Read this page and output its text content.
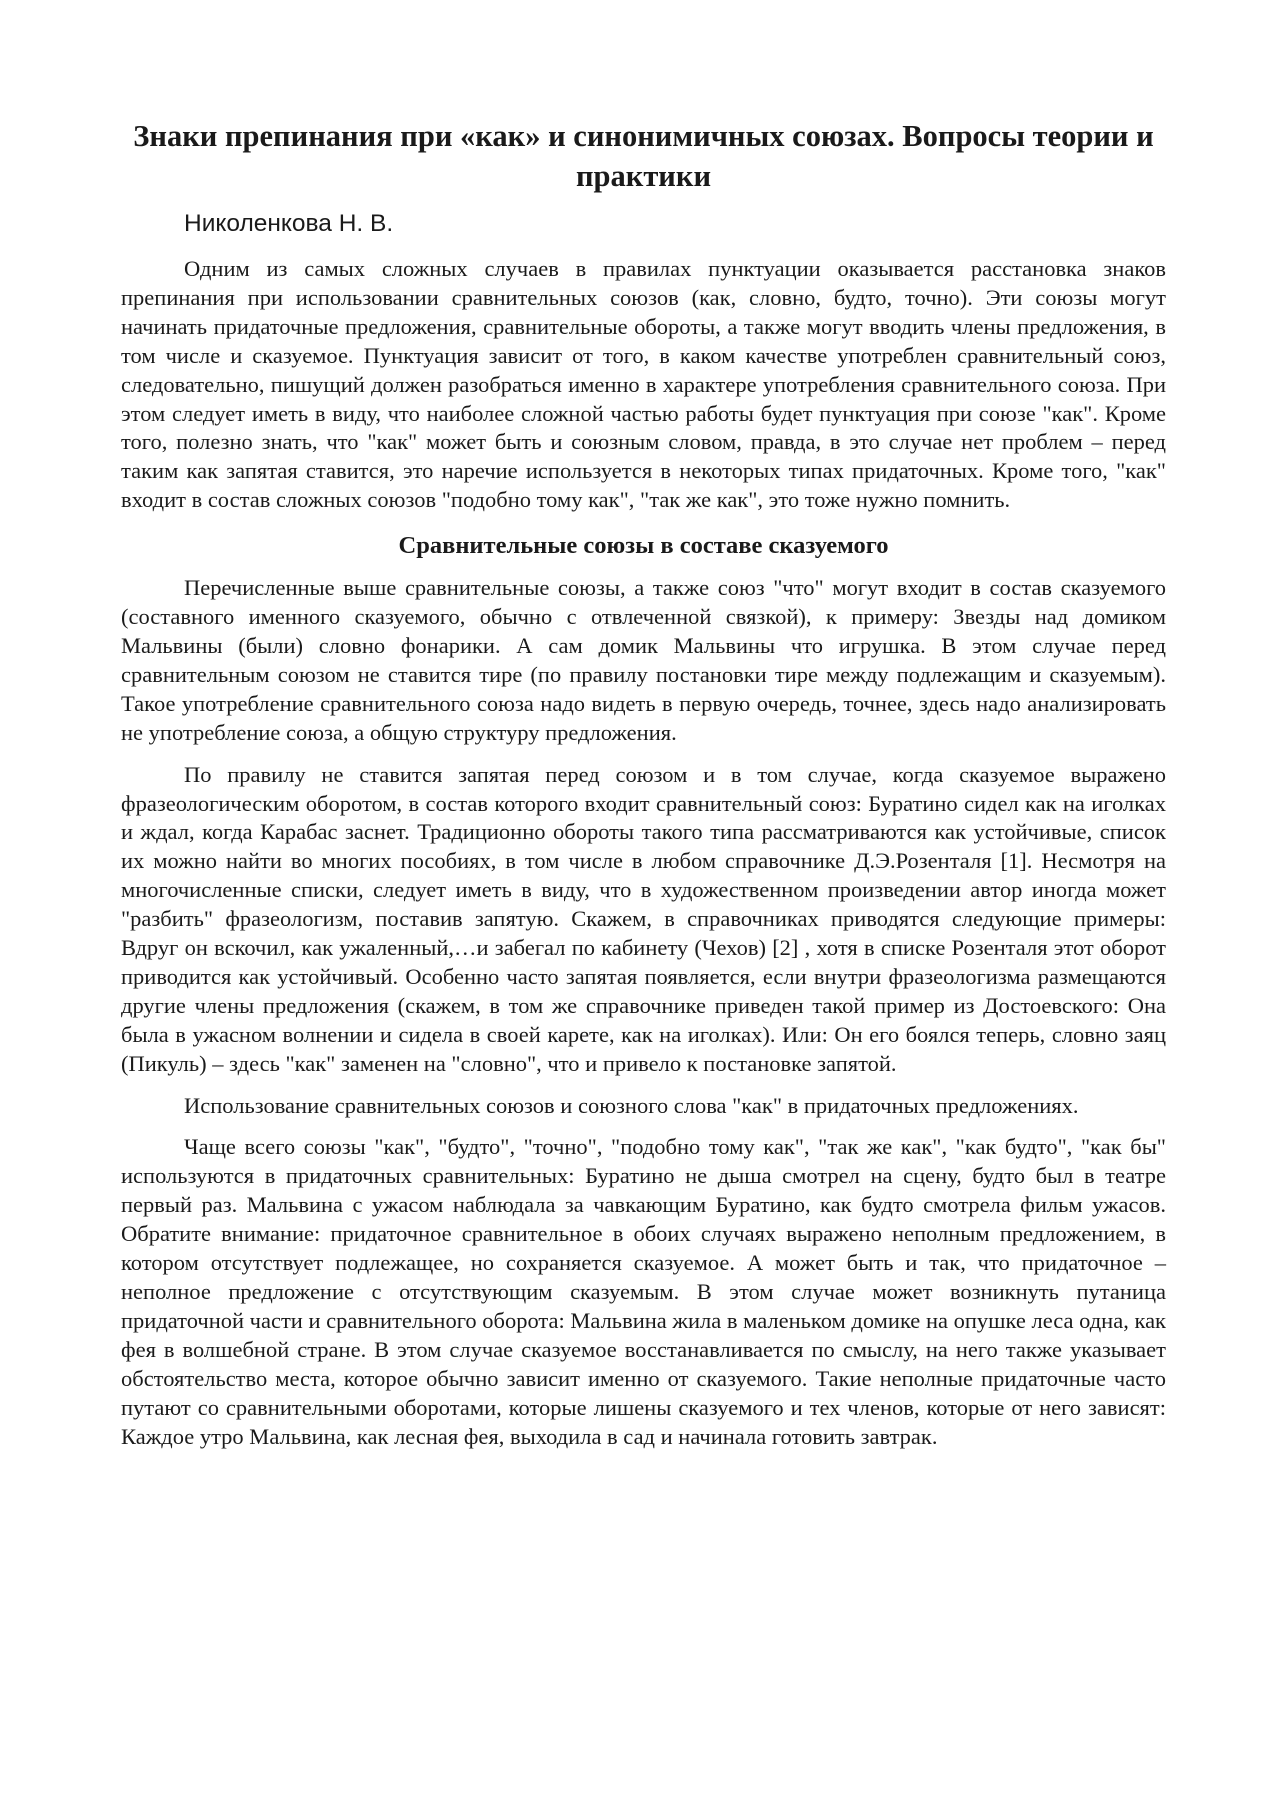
Знаки препинания при «как» и синонимичных союзах. Вопросы теории и практики
Николенкова Н. В.

Одним из самых сложных случаев в правилах пунктуации оказывается расстановка знаков препинания при использовании сравнительных союзов (как, словно, будто, точно). Эти союзы могут начинать придаточные предложения, сравнительные обороты, а также могут вводить члены предложения, в том числе и сказуемое. Пунктуация зависит от того, в каком качестве употреблен сравнительный союз, следовательно, пишущий должен разобраться именно в характере употребления сравнительного союза. При этом следует иметь в виду, что наиболее сложной частью работы будет пунктуация при союзе "как". Кроме того, полезно знать, что "как" может быть и союзным словом, правда, в это случае нет проблем – перед таким как запятая ставится, это наречие используется в некоторых типах придаточных. Кроме того, "как" входит в состав сложных союзов "подобно тому как", "так же как", это тоже нужно помнить.

Сравнительные союзы в составе сказуемого

Перечисленные выше сравнительные союзы, а также союз "что" могут входит в состав сказуемого (составного именного сказуемого, обычно с отвлеченной связкой), к примеру: Звезды над домиком Мальвины (были) словно фонарики. А сам домик Мальвины что игрушка. В этом случае перед сравнительным союзом не ставится тире (по правилу постановки тире между подлежащим и сказуемым). Такое употребление сравнительного союза надо видеть в первую очередь, точнее, здесь надо анализировать не употребление союза, а общую структуру предложения.

По правилу не ставится запятая перед союзом и в том случае, когда сказуемое выражено фразеологическим оборотом, в состав которого входит сравнительный союз: Буратино сидел как на иголках и ждал, когда Карабас заснет. Традиционно обороты такого типа рассматриваются как устойчивые, список их можно найти во многих пособиях, в том числе в любом справочнике Д.Э.Розенталя [1]. Несмотря на многочисленные списки, следует иметь в виду, что в художественном произведении автор иногда может "разбить" фразеологизм, поставив запятую. Скажем, в справочниках приводятся следующие примеры: Вдруг он вскочил, как ужаленный,…и забегал по кабинету (Чехов) [2] , хотя в списке Розенталя этот оборот приводится как устойчивый. Особенно часто запятая появляется, если внутри фразеологизма размещаются другие члены предложения (скажем, в том же справочнике приведен такой пример из Достоевского: Она была в ужасном волнении и сидела в своей карете, как на иголках). Или: Он его боялся теперь, словно заяц (Пикуль) – здесь "как" заменен на "словно", что и привело к постановке запятой.

Использование сравнительных союзов и союзного слова "как" в придаточных предложениях.

Чаще всего союзы "как", "будто", "точно", "подобно тому как", "так же как", "как будто", "как бы" используются в придаточных сравнительных: Буратино не дыша смотрел на сцену, будто был в театре первый раз. Мальвина с ужасом наблюдала за чавкающим Буратино, как будто смотрела фильм ужасов. Обратите внимание: придаточное сравнительное в обоих случаях выражено неполным предложением, в котором отсутствует подлежащее, но сохраняется сказуемое. А может быть и так, что придаточное – неполное предложение с отсутствующим сказуемым. В этом случае может возникнуть путаница придаточной части и сравнительного оборота: Мальвина жила в маленьком домике на опушке леса одна, как фея в волшебной стране. В этом случае сказуемое восстанавливается по смыслу, на него также указывает обстоятельство места, которое обычно зависит именно от сказуемого. Такие неполные придаточные часто путают со сравнительными оборотами, которые лишены сказуемого и тех членов, которые от него зависят: Каждое утро Мальвина, как лесная фея, выходила в сад и начинала готовить завтрак.
